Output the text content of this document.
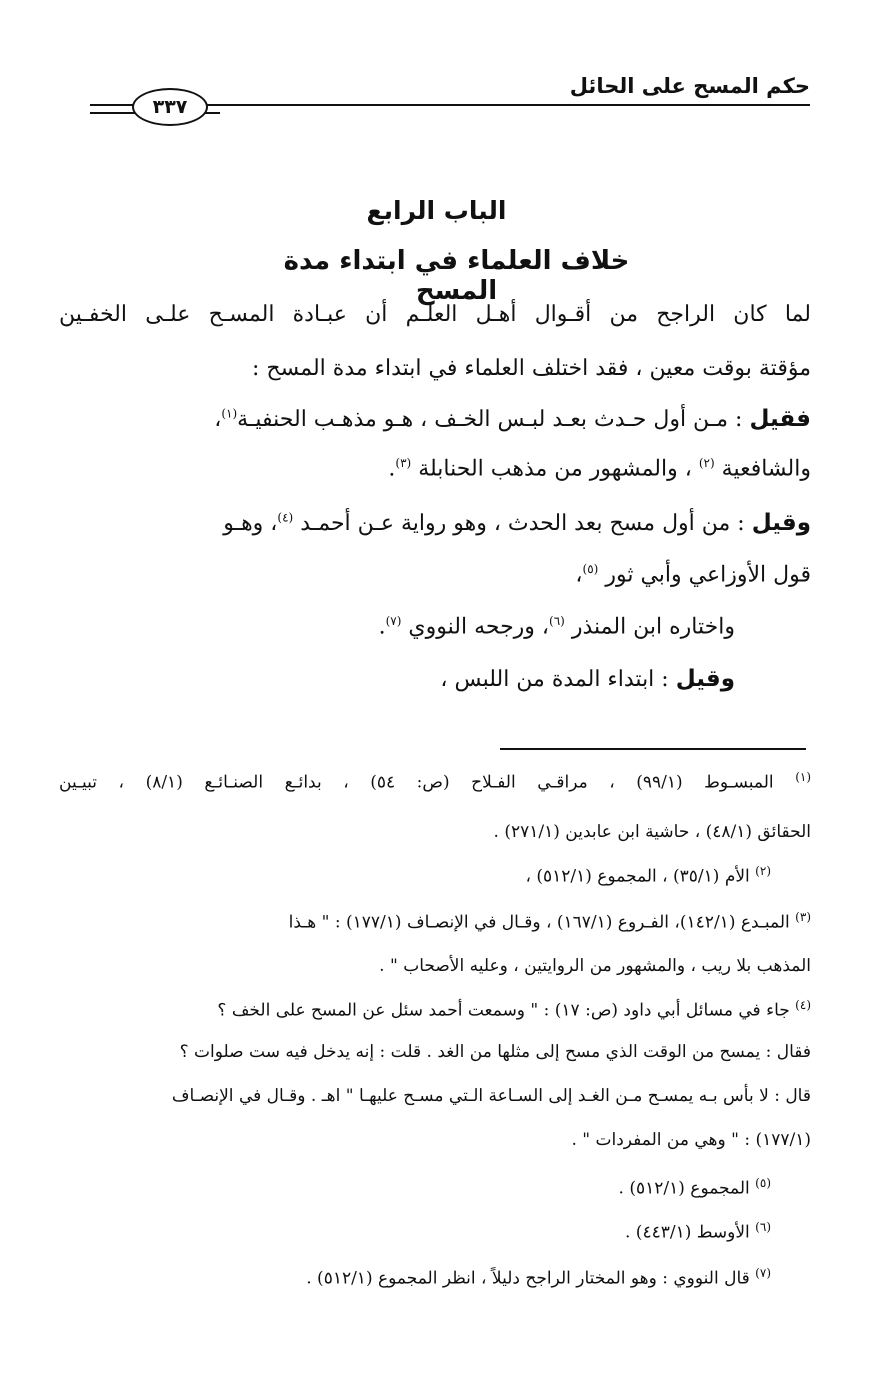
حكم المسح على الحائل
٣٣٧
الباب الرابع
خلاف العلماء في ابتداء مدة المسح
لما كان الراجح من أقـوال أهـل العلـم أن عبـادة المسـح علـى الخفـين
مؤقتة بوقت معين ، فقد اختلف العلماء في ابتداء مدة المسح :
فقيل : مـن أول حـدث بعـد لبـس الخـف ، هـو مذهـب الحنفيـة$^{(١)}$،
والشافعية $^{(٢)}$ ، والمشهور من مذهب الحنابلة $^{(٣)}$.
وقيل : من أول مسح بعد الحدث ، وهو رواية عـن أحمـد $^{(٤)}$، وهـو
قول الأوزاعي وأبي ثور $^{(٥)}$،
واختاره ابن المنذر $^{(٦)}$، ورجحه النووي $^{(٧)}$.
وقيل : ابتداء المدة من اللبس ،
$^{(١)}$ المبسـوط (٩٩/١) ، مراقـي الفـلاح (ص: ٥٤) ، بدائـع الصنـائـع (٨/١) ، تبيـين
الحقائق (٤٨/١) ، حاشية ابن عابدين (٢٧١/١) .
$^{(٢)}$ الأم (٣٥/١) ، المجموع (٥١٢/١) ،
$^{(٣)}$ المبـدع (١٤٢/١)، الفـروع (١٦٧/١) ، وقـال في الإنصـاف (١٧٧/١) : " هـذا
المذهب بلا ريب ، والمشهور من الروايتين ، وعليه الأصحاب " .
$^{(٤)}$ جاء في مسائل أبي داود (ص: ١٧) : " وسمعت أحمد سئل عن المسح على الخف ؟
فقال : يمسح من الوقت الذي مسح إلى مثلها من الغد . قلت : إنه يدخل فيه ست صلوات ؟
قال : لا بأس بـه يمسـح مـن الغـد إلى السـاعة الـتي مسـح عليهـا " اهـ . وقـال في الإنصـاف
(١٧٧/١) : " وهي من المفردات " .
$^{(٥)}$ المجموع (٥١٢/١) .
$^{(٦)}$ الأوسط (٤٤٣/١) .
$^{(٧)}$ قال النووي : وهو المختار الراجح دليلاً ، انظر المجموع (٥١٢/١) .
